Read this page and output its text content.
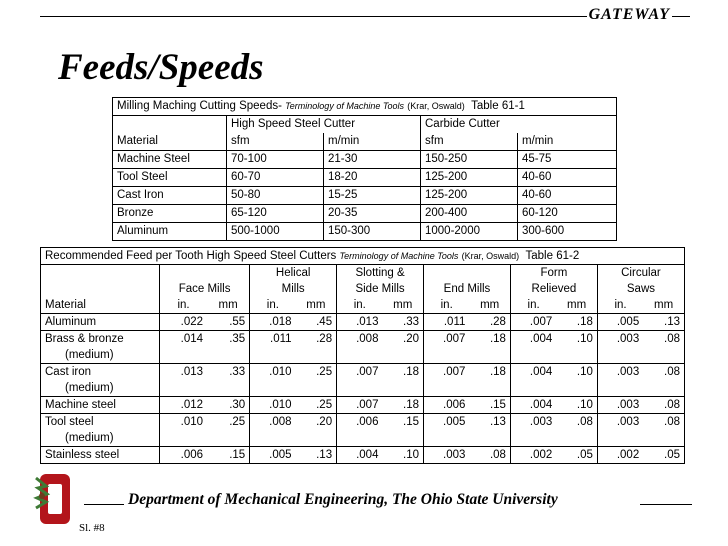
GATEWAY
Feeds/Speeds
Milling Maching Cutting Speeds- Terminology of Machine Tools (Krar, Oswald) Table 61-1				
	High Speed Steel Cutter		Carbide Cutter	
Material	sfm	m/min	sfm	m/min
Machine Steel	70-100	21-30	150-250	45-75
Tool Steel	60-70	18-20	125-200	40-60
Cast Iron	50-80	15-25	125-200	40-60
Bronze	65-120	20-35	200-400	60-120
Aluminum	500-1000	150-300	1000-2000	300-600
Recommended Feed per Tooth High Speed Steel Cutters Terminology of Machine Tools (Krar, Oswald) Table 61-2												
			Helical		Slotting &				Form		Circular	
	Face Mills		Mills		Side Mills		End Mills		Relieved		Saws	
Material	in.	mm	in.	mm	in.	mm	in.	mm	in.	mm	in.	mm
Aluminum	.022	.55	.018	.45	.013	.33	.011	.28	.007	.18	.005	.13
Brass & bronze	.014	.35	.011	.28	.008	.20	.007	.18	.004	.10	.003	.08
(medium)												
Cast iron	.013	.33	.010	.25	.007	.18	.007	.18	.004	.10	.003	.08
(medium)												
Machine steel	.012	.30	.010	.25	.007	.18	.006	.15	.004	.10	.003	.08
Tool steel	.010	.25	.008	.20	.006	.15	.005	.13	.003	.08	.003	.08
(medium)												
Stainless steel	.006	.15	.005	.13	.004	.10	.003	.08	.002	.05	.002	.05
Department of Mechanical Engineering, The Ohio State University
Sl. #8
